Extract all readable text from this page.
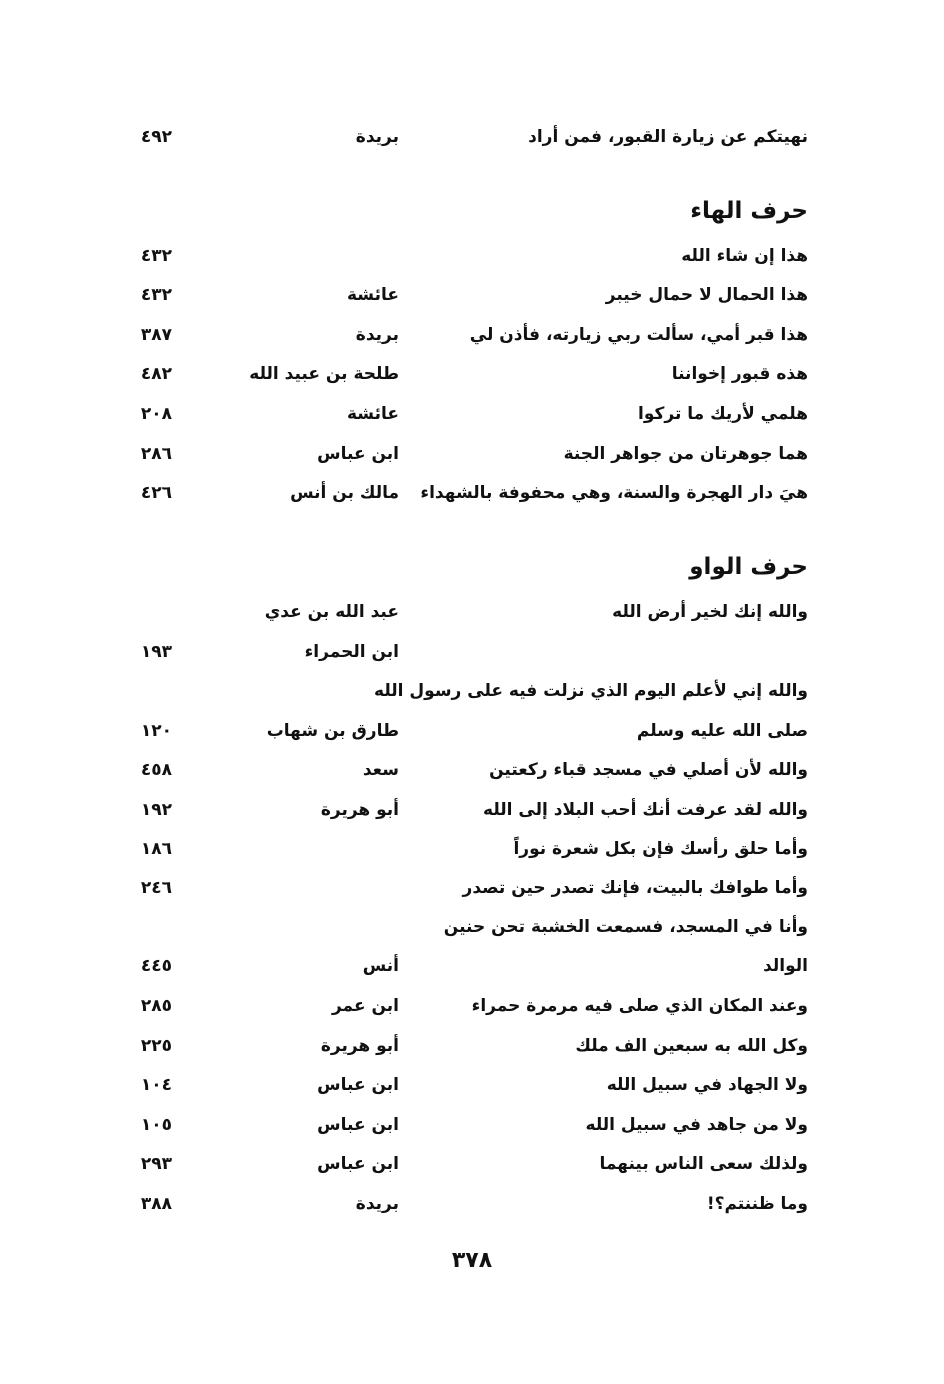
نهيتكم عن زيارة القبور، فمن أراد
بريدة
٤٩٢
حرف الهاء
هذا إن شاء الله
٤٣٢
هذا الحمال لا حمال خيبر
عائشة
٤٣٢
هذا قبر أمي، سألت ربي زيارته، فأذن لي
بريدة
٣٨٧
هذه قبور إخواننا
طلحة بن عبيد الله
٤٨٢
هلمي لأريك ما تركوا
عائشة
٢٠٨
هما جوهرتان من جواهر الجنة
ابن عباس
٢٨٦
هيَ دار الهجرة والسنة، وهي محفوفة بالشهداء
مالك بن أنس
٤٢٦
حرف الواو
والله إنك لخير أرض الله
عبد الله بن عدي
ابن الحمراء
١٩٣
والله إني لأعلم اليوم الذي نزلت فيه على رسول الله
صلى الله عليه وسلم
طارق بن شهاب
١٢٠
والله لأن أصلي في مسجد قباء ركعتين
سعد
٤٥٨
والله لقد عرفت أنك أحب البلاد إلى الله
أبو هريرة
١٩٢
وأما حلق رأسك فإن بكل شعرة نوراً
١٨٦
وأما طوافك بالبيت، فإنك تصدر حين تصدر
٢٤٦
وأنا في المسجد، فسمعت الخشبة تحن حنين
الوالد
أنس
٤٤٥
وعند المكان الذي صلى فيه مرمرة حمراء
ابن عمر
٢٨٥
وكل الله به سبعين الف ملك
أبو هريرة
٢٢٥
ولا الجهاد في سبيل الله
ابن عباس
١٠٤
ولا من جاهد في سبيل الله
ابن عباس
١٠٥
ولذلك سعى الناس بينهما
ابن عباس
٢٩٣
وما ظننتم؟!
بريدة
٣٨٨
٣٧٨
